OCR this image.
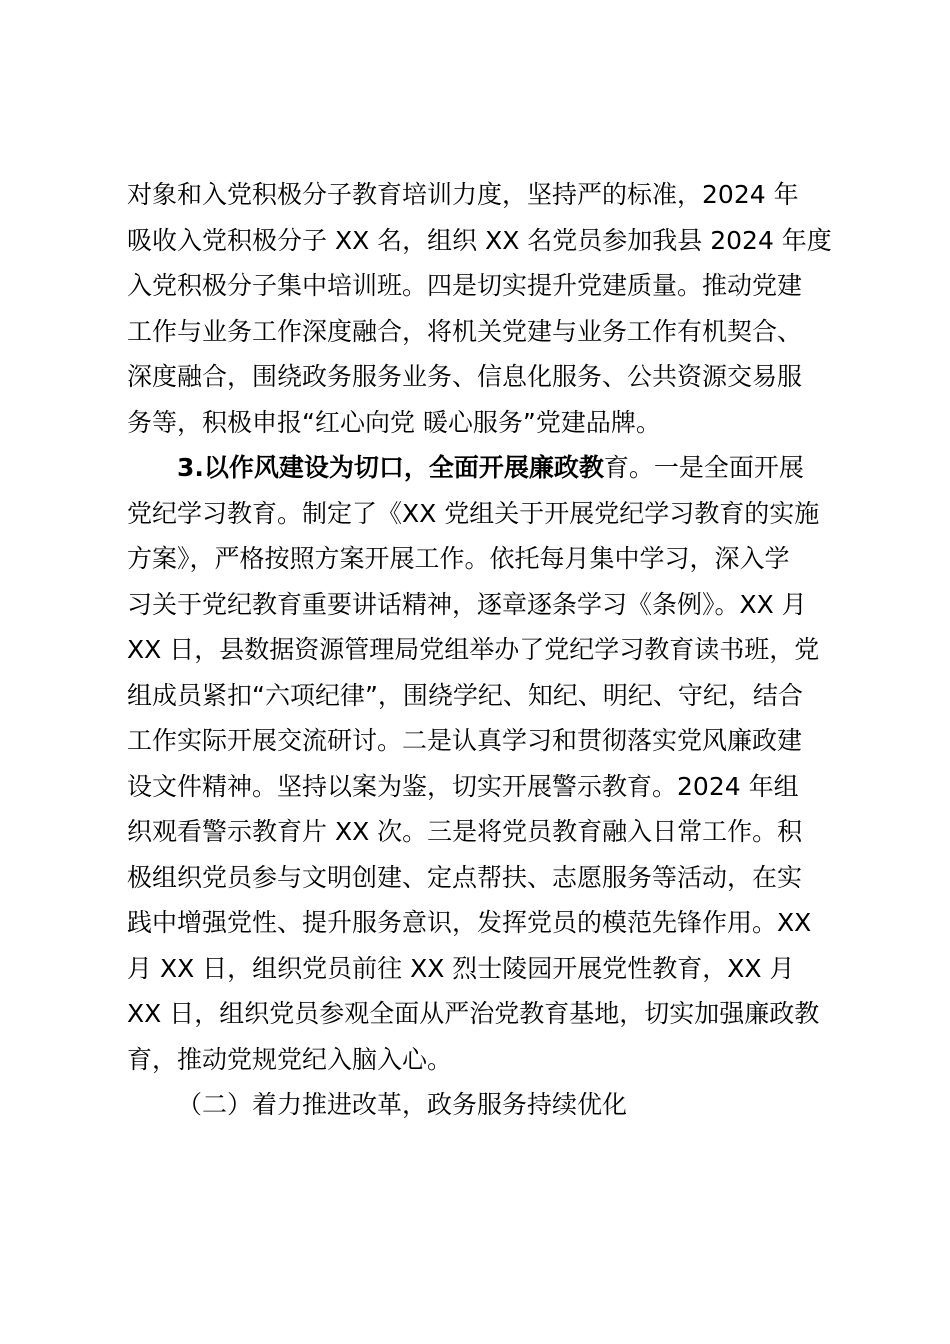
对象和入党积极分子教育培训力度，坚持严的标准，2024 年
吸收入党积极分子 XX 名，组织 XX 名党员参加我县 2024 年度
入党积极分子集中培训班。四是切实提升党建质量。推动党建
工作与业务工作深度融合，将机关党建与业务工作有机契合、
深度融合，围绕政务服务业务、信息化服务、公共资源交易服
务等，积极申报“红心向党 暖心服务”党建品牌。
3.以作风建设为切口，全面开展廉政教育。一是全面开展
党纪学习教育。制定了《XX 党组关于开展党纪学习教育的实施
方案》，严格按照方案开展工作。依托每月集中学习，深入学
习关于党纪教育重要讲话精神，逐章逐条学习《条例》。XX 月
XX 日，县数据资源管理局党组举办了党纪学习教育读书班，党
组成员紧扣“六项纪律”，围绕学纪、知纪、明纪、守纪，结合
工作实际开展交流研讨。二是认真学习和贯彻落实党风廉政建
设文件精神。坚持以案为鉴，切实开展警示教育。2024 年组
织观看警示教育片 XX 次。三是将党员教育融入日常工作。积
极组织党员参与文明创建、定点帮扶、志愿服务等活动，在实
践中增强党性、提升服务意识，发挥党员的模范先锋作用。XX
月 XX 日，组织党员前往 XX 烈士陵园开展党性教育，XX 月
XX 日，组织党员参观全面从严治党教育基地，切实加强廉政教
育，推动党规党纪入脑入心。
（二）着力推进改革，政务服务持续优化
